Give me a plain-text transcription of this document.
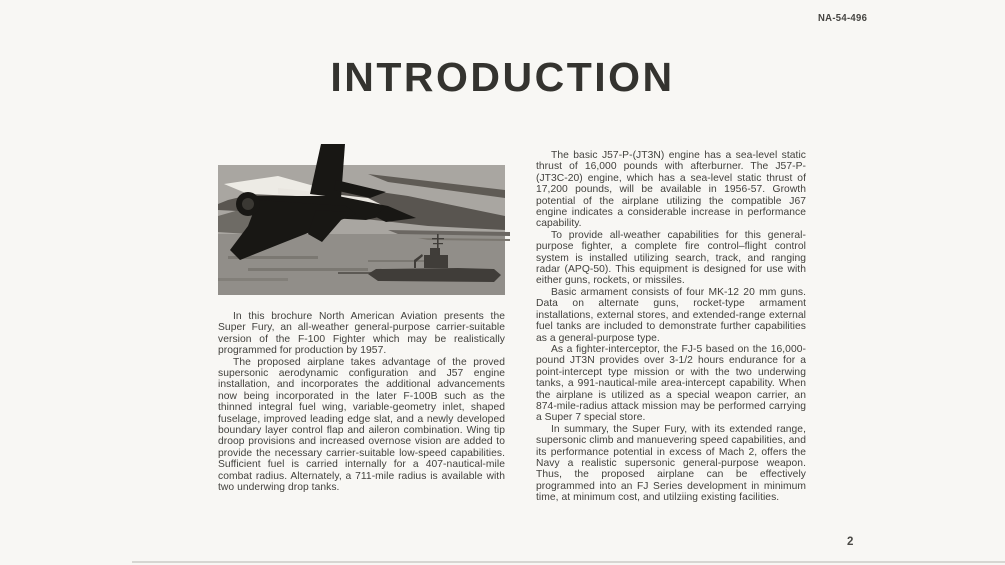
NA-54-496
INTRODUCTION

In this brochure North American Aviation presents the Super Fury, an all-weather general-purpose carrier-suitable version of the F-100 Fighter which may be realistically programmed for production by 1957.

The proposed airplane takes advantage of the proved supersonic aerodynamic configuration and J57 engine installation, and incorporates the additional advancements now being incorporated in the later F-100B such as the thinned integral fuel wing, variable-geometry inlet, shaped fuselage, improved leading edge slat, and a newly developed boundary layer control flap and aileron combination. Wing tip droop provisions and increased overnose vision are added to provide the necessary carrier-suitable low-speed capabilities. Sufficient fuel is carried internally for a 407-nautical-mile combat radius. Alternately, a 711-mile radius is available with two underwing drop tanks.

The basic J57-P-(JT3N) engine has a sea-level static thrust of 16,000 pounds with afterburner. The J57-P-(JT3C-20) engine, which has a sea-level static thrust of 17,200 pounds, will be available in 1956-57. Growth potential of the airplane utilizing the compatible J67 engine indicates a considerable increase in performance capability.

To provide all-weather capabilities for this general-purpose fighter, a complete fire control–flight control system is installed utilizing search, track, and ranging radar (APQ-50). This equipment is designed for use with either guns, rockets, or missiles.

Basic armament consists of four MK-12 20 mm guns. Data on alternate guns, rocket-type armament installations, external stores, and extended-range external fuel tanks are included to demonstrate further capabilities as a general-purpose type.

As a fighter-interceptor, the FJ-5 based on the 16,000-pound JT3N provides over 3-1/2 hours endurance for a point-intercept type mission or with the two underwing tanks, a 991-nautical-mile area-intercept capability. When the airplane is utilized as a special weapon carrier, an 874-mile-radius attack mission may be performed carrying a Super 7 special store.

In summary, the Super Fury, with its extended range, supersonic climb and manuevering speed capabilities, and its performance potential in excess of Mach 2, offers the Navy a realistic supersonic general-purpose weapon. Thus, the proposed airplane can be effectively programmed into an FJ Series development in minimum time, at minimum cost, and utilziing existing facilities.

2
